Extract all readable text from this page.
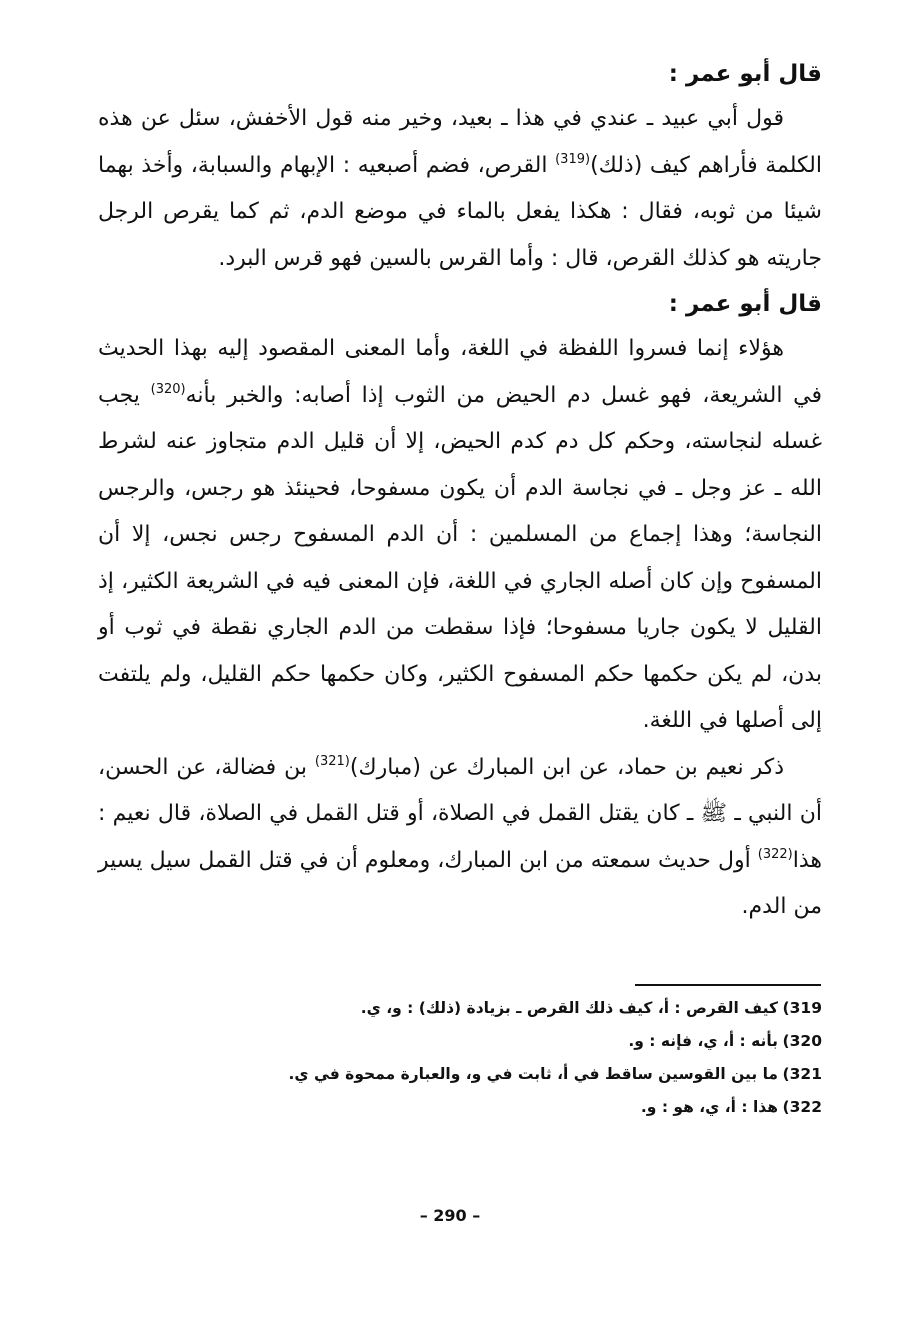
قال أبو عمر :

قول أبي عبيد ـ عندي في هذا ـ بعيد، وخير منه قول الأخفش، سئل عن هذه الكلمة فأراهم كيف (ذلك)$^{(319)}$ القرص، فضم أصبعيه : الإبهام والسبابة، وأخذ بهما شيئا من ثوبه، فقال : هكذا يفعل بالماء في موضع الدم، ثم كما يقرص الرجل جاريته هو كذلك القرص، قال : وأما القرس بالسين فهو قرس البرد.

قال أبو عمر :

هؤلاء إنما فسروا اللفظة في اللغة، وأما المعنى المقصود إليه بهذا الحديث في الشريعة، فهو غسل دم الحيض من الثوب إذا أصابه: والخبر بأنه$^{(320)}$ يجب غسله لنجاسته، وحكم كل دم كدم الحيض، إلا أن قليل الدم متجاوز عنه لشرط الله ـ عز وجل ـ في نجاسة الدم أن يكون مسفوحا، فحينئذ هو رجس، والرجس النجاسة؛ وهذا إجماع من المسلمين : أن الدم المسفوح رجس نجس، إلا أن المسفوح وإن كان أصله الجاري في اللغة، فإن المعنى فيه في الشريعة الكثير، إذ القليل لا يكون جاريا مسفوحا؛ فإذا سقطت من الدم الجاري نقطة في ثوب أو بدن، لم يكن حكمها حكم المسفوح الكثير، وكان حكمها حكم القليل، ولم يلتفت إلى أصلها في اللغة.

ذكر نعيم بن حماد، عن ابن المبارك عن (مبارك)$^{(321)}$ بن فضالة، عن الحسن، أن النبي ـ ﷺ ـ كان يقتل القمل في الصلاة، أو قتل القمل في الصلاة، قال نعيم : هذا$^{(322)}$ أول حديث سمعته من ابن المبارك، ومعلوم أن في قتل القمل سيل يسير من الدم.

319)كيف القرص : أ، كيف ذلك القرص ـ بزيادة (ذلك) : و، ي.

320)بأنه : أ، ي، فإنه : و.

321)ما بين القوسين ساقط في أ، ثابت في و، والعبارة ممحوة في ي.

322)هذا : أ، ي، هو : و.

– 290 –
